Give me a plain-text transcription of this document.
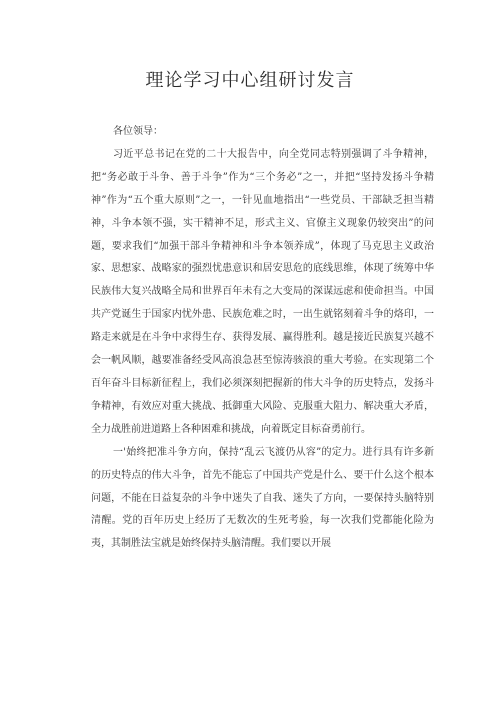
理论学习中心组研讨发言

各位领导：

习近平总书记在党的二十大报告中，向全党同志特别强调了斗争精神，把“务必敢于斗争、善于斗争”作为“三个务必”之一，并把“坚持发扬斗争精神”作为“五个重大原则”之一，一针见血地指出“一些党员、干部缺乏担当精神，斗争本领不强，实干精神不足，形式主义、官僚主义现象仍较突出”的问题，要求我们“加强干部斗争精神和斗争本领养成”，体现了马克思主义政治家、思想家、战略家的强烈忧患意识和居安思危的底线思维，体现了统筹中华民族伟大复兴战略全局和世界百年未有之大变局的深谋远虑和使命担当。中国共产党诞生于国家内忧外患、民族危难之时，一出生就铭刻着斗争的烙印，一路走来就是在斗争中求得生存、获得发展、赢得胜利。越是接近民族复兴越不会一帆风顺，越要准备经受风高浪急甚至惊涛骇浪的重大考验。在实现第二个百年奋斗目标新征程上，我们必须深刻把握新的伟大斗争的历史特点，发扬斗争精神，有效应对重大挑战、抵御重大风险、克服重大阻力、解决重大矛盾，全力战胜前进道路上各种困难和挑战，向着既定目标奋勇前行。

一'始终把准斗争方向，保持“乱云飞渡仍从容”的定力。进行具有许多新的历史特点的伟大斗争，首先不能忘了中国共产党是什么、要干什么这个根本问题，不能在日益复杂的斗争中迷失了自我、迷失了方向，一要保持头脑特别清醒。党的百年历史上经历了无数次的生死考验，每一次我们党都能化险为夷，其制胜法宝就是始终保持头脑清醒。我们要以开展
